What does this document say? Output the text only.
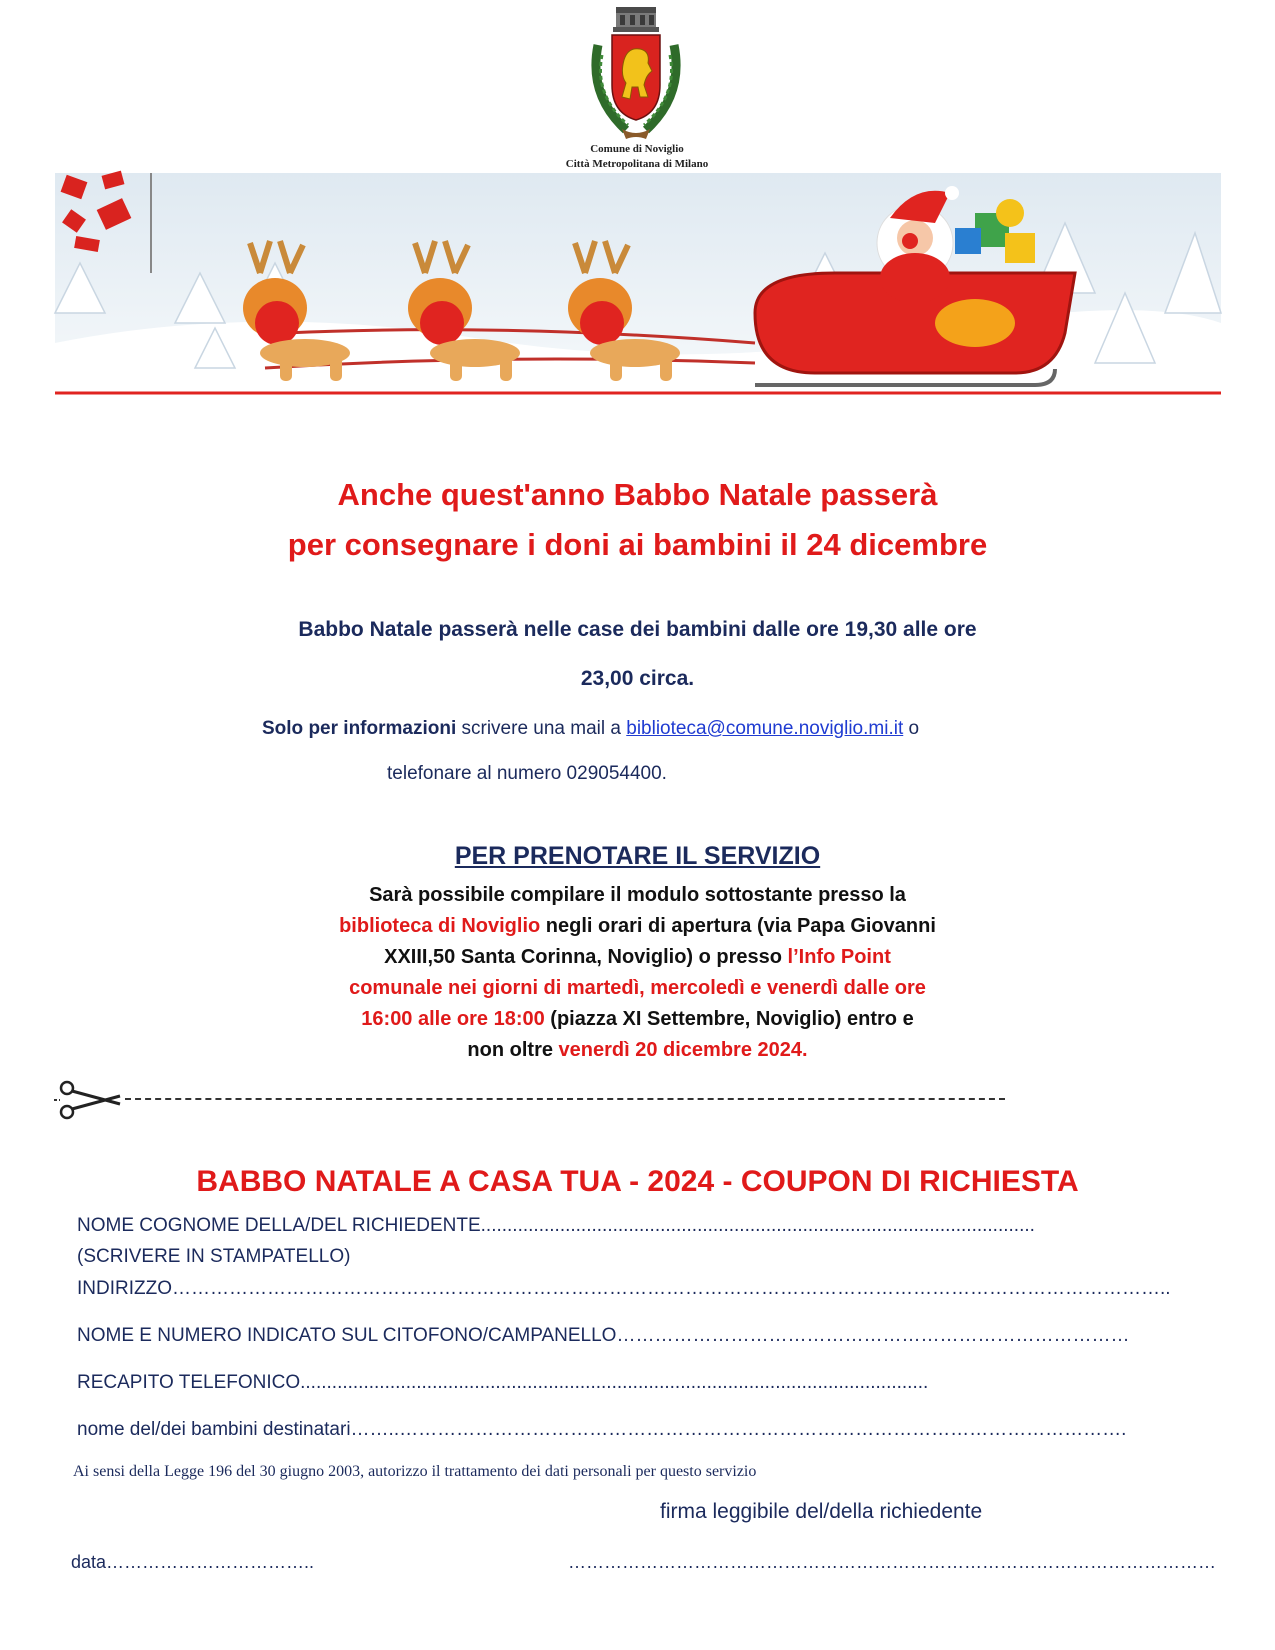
Comune di Noviglio
Città Metropolitana di Milano
Anche quest'anno Babbo Natale passerà
per consegnare i doni ai bambini il 24 dicembre
Babbo Natale passerà nelle case dei bambini dalle ore 19,30 alle ore
23,00 circa.
Solo per informazioni scrivere una mail a biblioteca@comune.noviglio.mi.it o
telefonare al numero 029054400.
PER PRENOTARE IL SERVIZIO
Sarà possibile compilare il modulo sottostante presso la
biblioteca di Noviglio negli orari di apertura (via Papa Giovanni
XXIII,50 Santa Corinna, Noviglio) o presso l’Info Point
comunale nei giorni di martedì, mercoledì e venerdì dalle ore
16:00 alle ore 18:00 (piazza XI Settembre, Noviglio) entro e
non oltre venerdì 20 dicembre 2024.
BABBO NATALE A CASA TUA - 2024 - COUPON DI RICHIESTA
NOME COGNOME DELLA/DEL RICHIEDENTE.........................................................................................................
(SCRIVERE IN STAMPATELLO)
INDIRIZZO…………………………………………………………………………………………………………………………………………..
NOME E NUMERO INDICATO SUL CITOFONO/CAMPANELLO………………………………………………………………………
RECAPITO TELEFONICO.......................................................................................................................
nome del/dei bambini destinatari……..…………………………………………………………………………………………………….
Ai sensi della Legge 196 del 30 giugno 2003, autorizzo il trattamento dei dati personali per questo servizio
firma leggibile del/della richiedente
data……………………………..	………………………………………………………………………………………………
